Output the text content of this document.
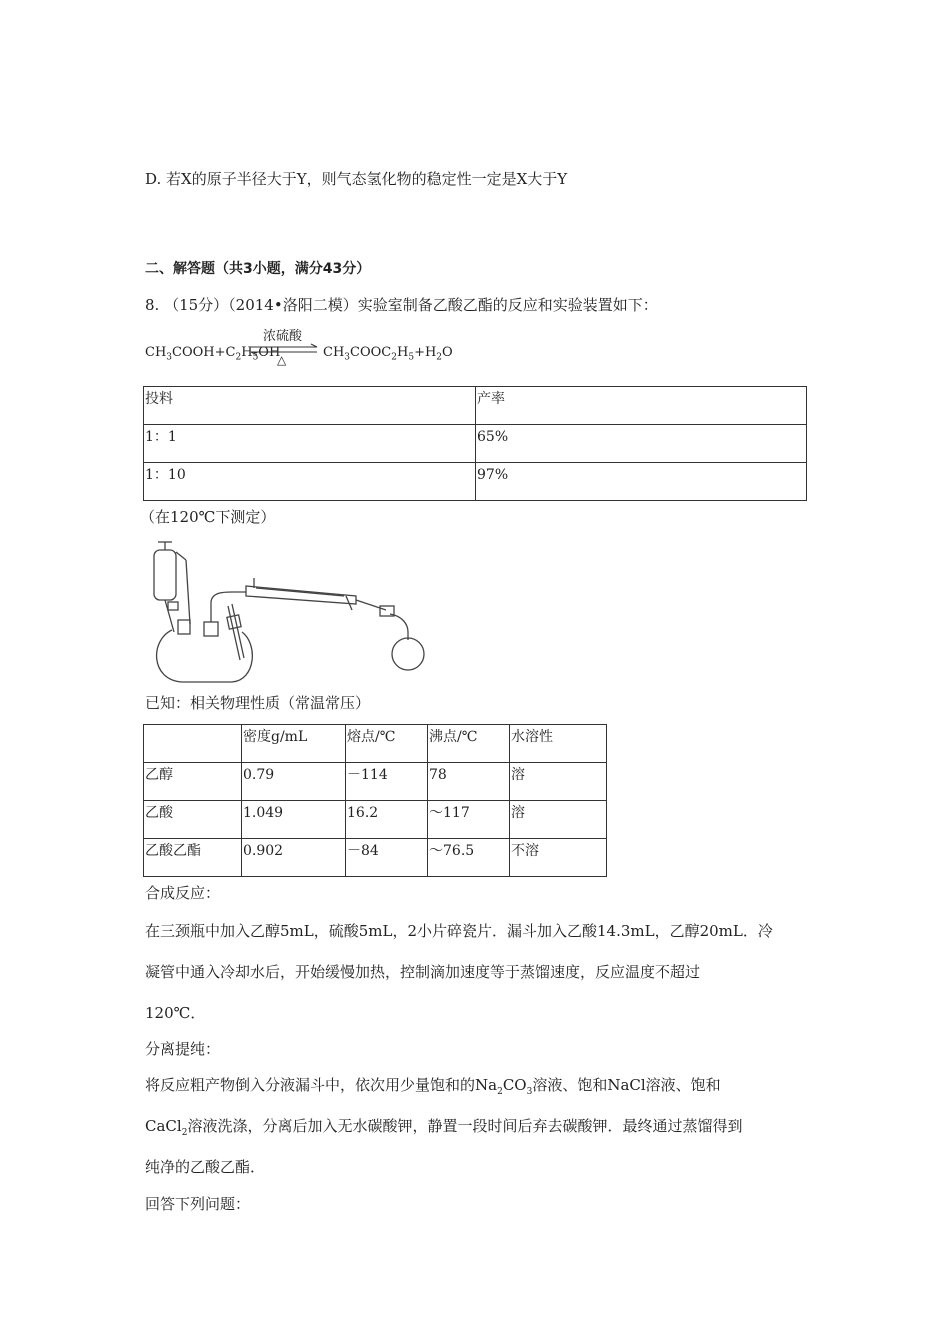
D. 若X的原子半径大于Y，则气态氢化物的稳定性一定是X大于Y
二、解答题（共3小题，满分43分）
8. （15分）（2014•洛阳二模）实验室制备乙酸乙酯的反应和实验装置如下：
$CH_3COOH+C_2H_5OH$
浓硫酸
△	$CH_3COOC_2H_5+H_2O$
投料	产率
1：1	65%
1：10	97%
（在120℃下测定）
已知：相关物理性质（常温常压）
	密度g/mL	熔点/℃	沸点/℃	水溶性
乙醇	0.79	－114	78	溶
乙酸	1.049	16.2	～117	溶
乙酸乙酯	0.902	－84	～76.5	不溶
合成反应：
在三颈瓶中加入乙醇5mL，硫酸5mL，2小片碎瓷片．漏斗加入乙酸14.3mL，乙醇20mL．冷
凝管中通入冷却水后，开始缓慢加热，控制滴加速度等于蒸馏速度，反应温度不超过
120℃．
分离提纯：
将反应粗产物倒入分液漏斗中，依次用少量饱和的$Na_2CO_3$溶液、饱和NaCl溶液、饱和
CaCl$_2$溶液洗涤，分离后加入无水碳酸钾，静置一段时间后弃去碳酸钾．最终通过蒸馏得到
纯净的乙酸乙酯．
回答下列问题：
